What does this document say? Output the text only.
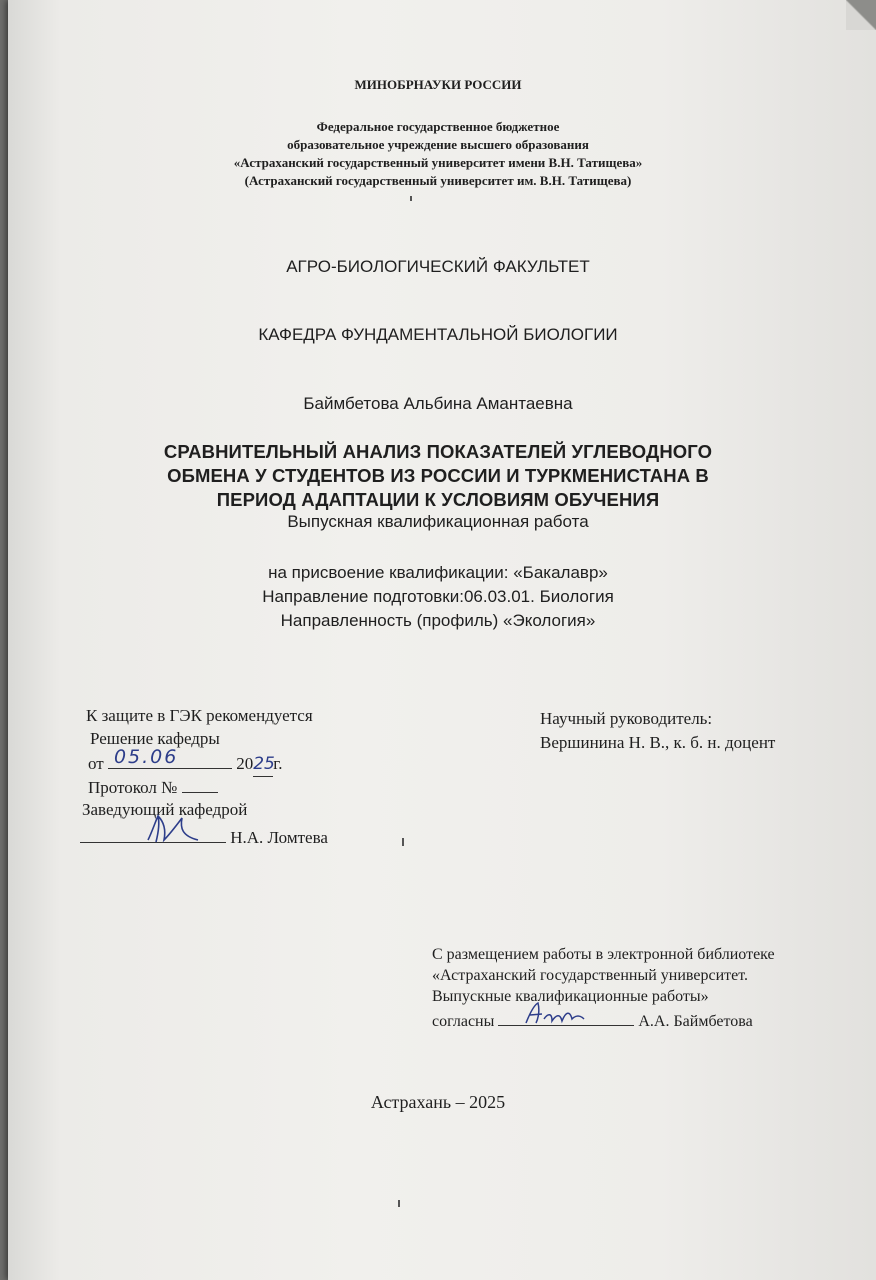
МИНОБРНАУКИ РОССИИ
Федеральное государственное бюджетное
образовательное учреждение высшего образования
«Астраханский государственный университет имени В.Н. Татищева»
(Астраханский государственный университет им. В.Н. Татищева)
АГРО-БИОЛОГИЧЕСКИЙ ФАКУЛЬТЕТ
КАФЕДРА ФУНДАМЕНТАЛЬНОЙ БИОЛОГИИ
Баймбетова Альбина Амантаевна
СРАВНИТЕЛЬНЫЙ АНАЛИЗ ПОКАЗАТЕЛЕЙ УГЛЕВОДНОГО
ОБМЕНА У СТУДЕНТОВ ИЗ РОССИИ И ТУРКМЕНИСТАНА В
ПЕРИОД АДАПТАЦИИ К УСЛОВИЯМ ОБУЧЕНИЯ
Выпускная квалификационная работа
на присвоение квалификации: «Бакалавр»
Направление подготовки:06.03.01. Биология
Направленность (профиль) «Экология»
К защите в ГЭК рекомендуется
Решение кафедры
от 05.06	2025г.
Протокол №
Заведующий кафедрой
Н.А. Ломтева
Научный руководитель:
Вершинина Н. В., к. б. н. доцент
С размещением работы в электронной библиотеке
«Астраханский государственный университет.
Выпускные квалификационные работы»
согласны	А.А. Баймбетова
Астрахань – 2025
